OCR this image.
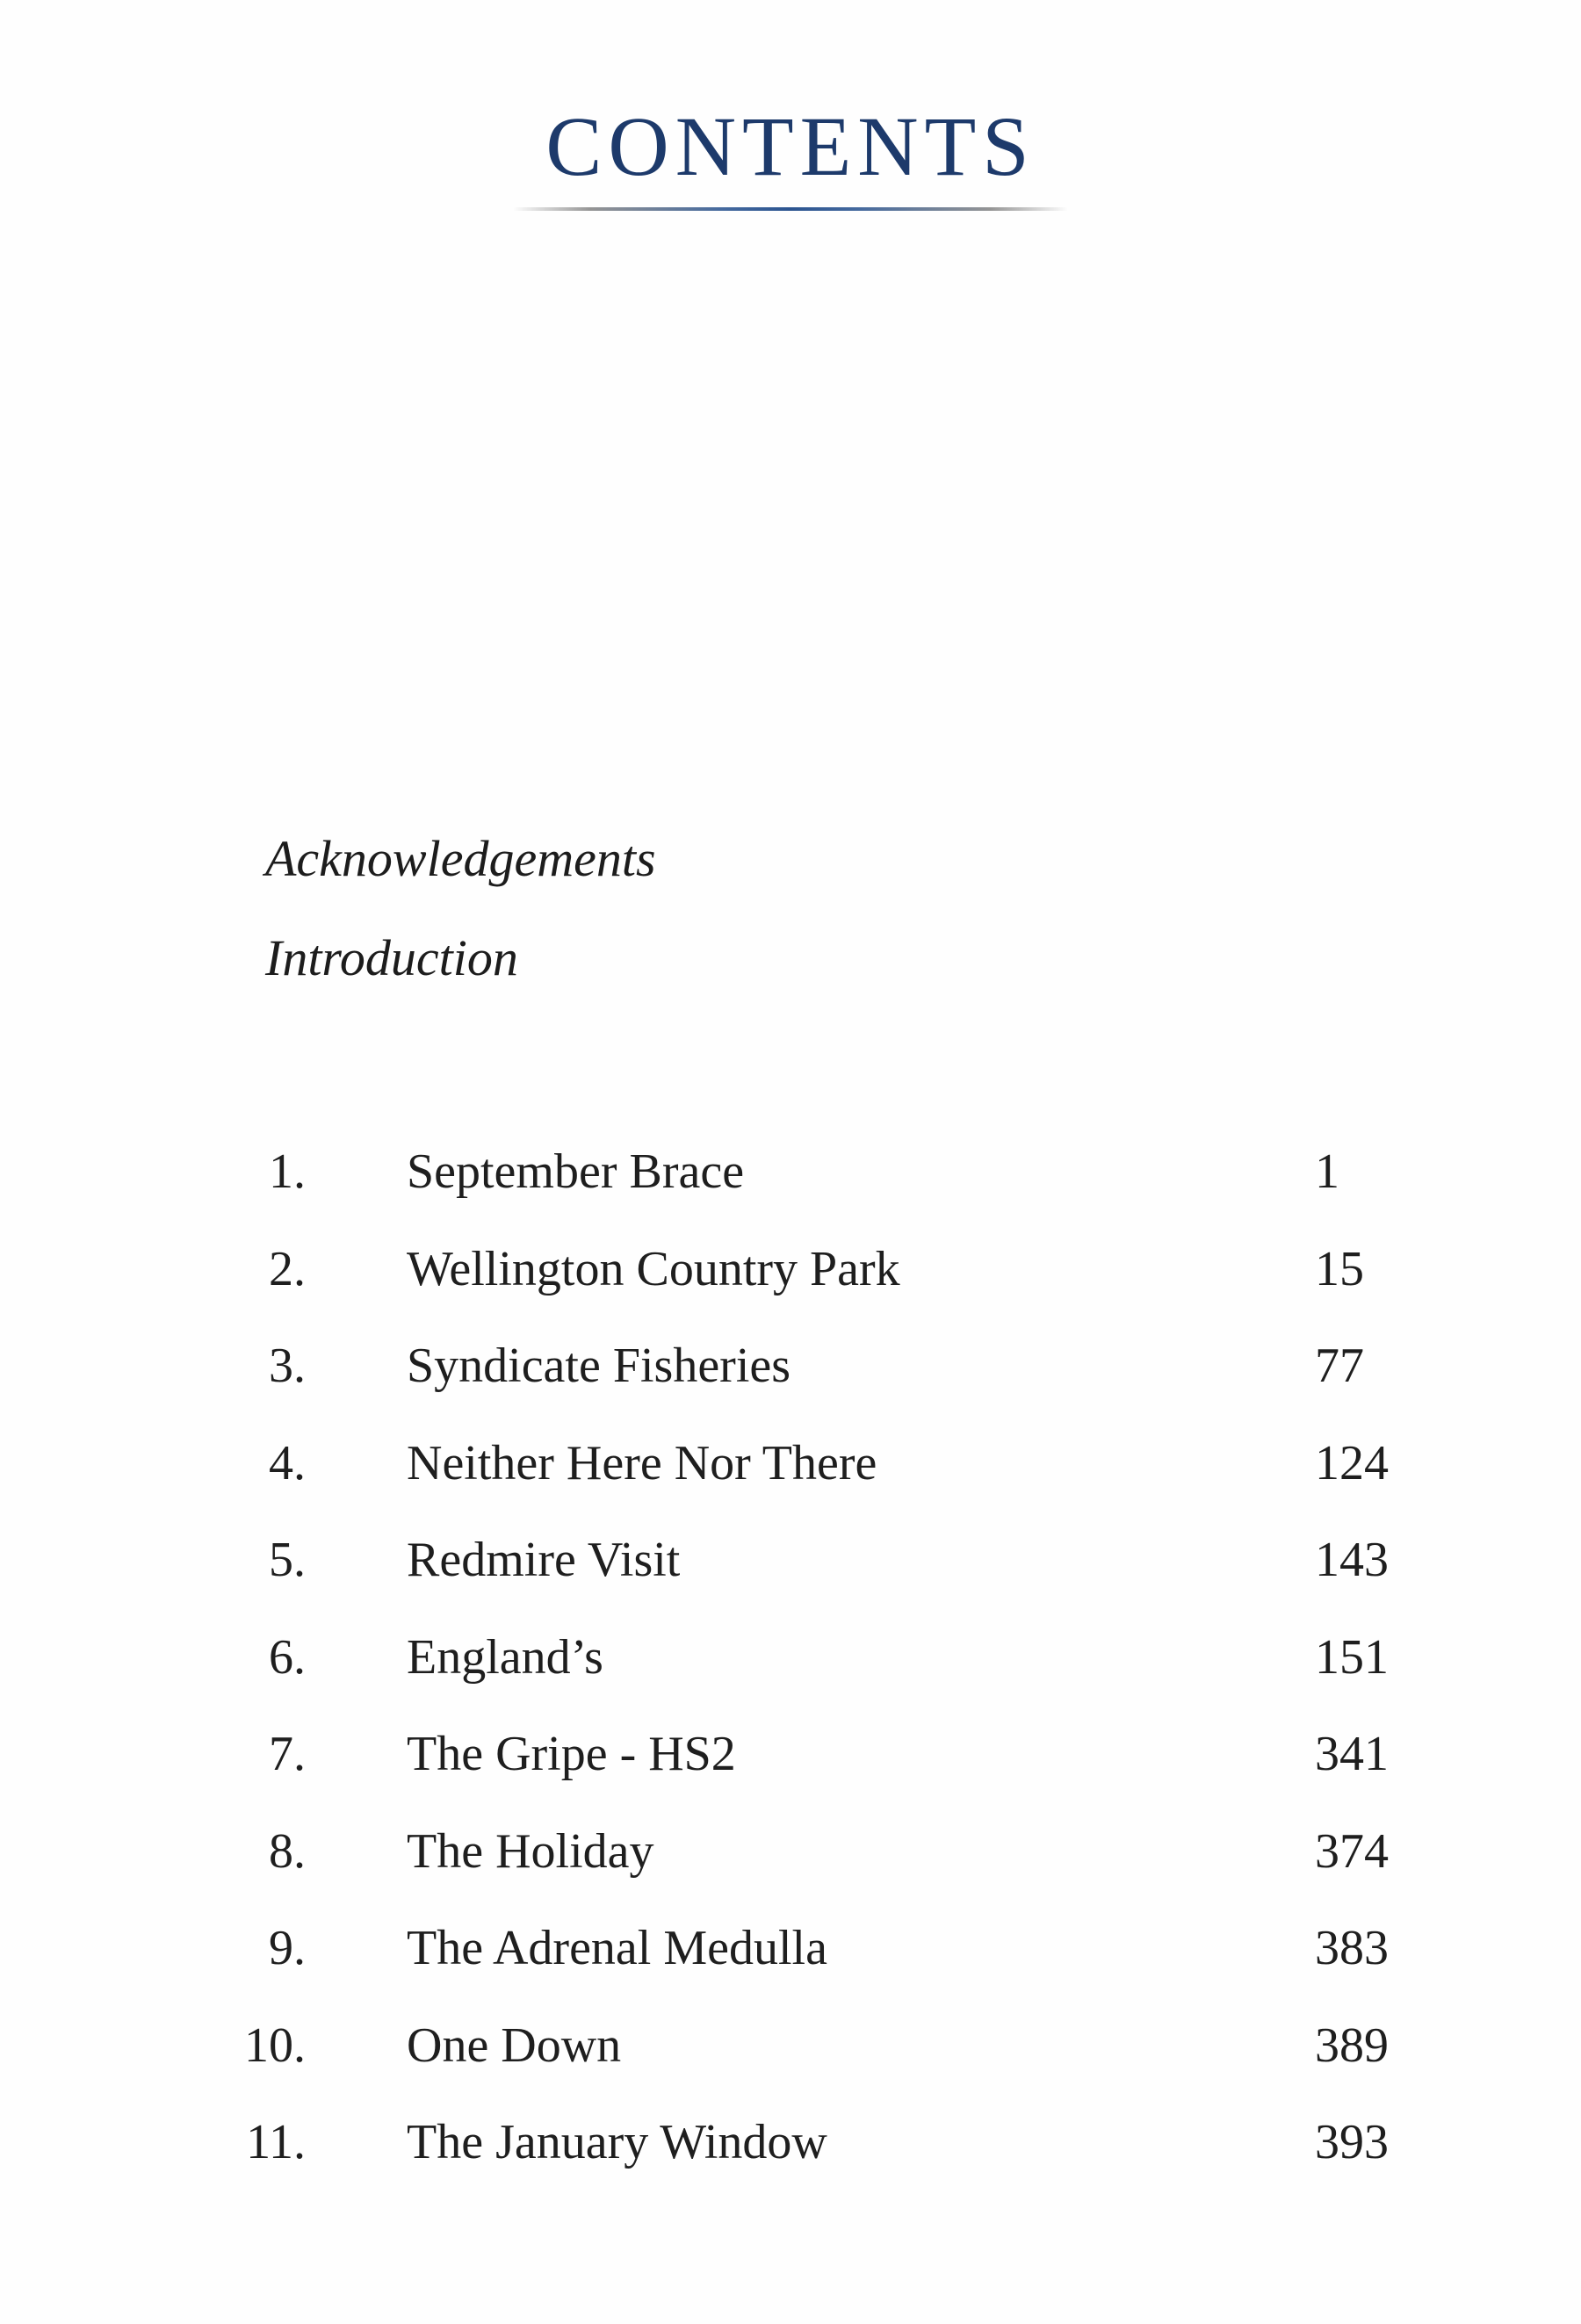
CONTENTS
Acknowledgements
Introduction
1. September Brace	1
2. Wellington Country Park	15
3. Syndicate Fisheries	77
4. Neither Here Nor There	124
5. Redmire Visit	143
6. England’s	151
7. The Gripe - HS2	341
8. The Holiday	374
9. The Adrenal Medulla	383
10. One Down	389
11. The January Window	393
